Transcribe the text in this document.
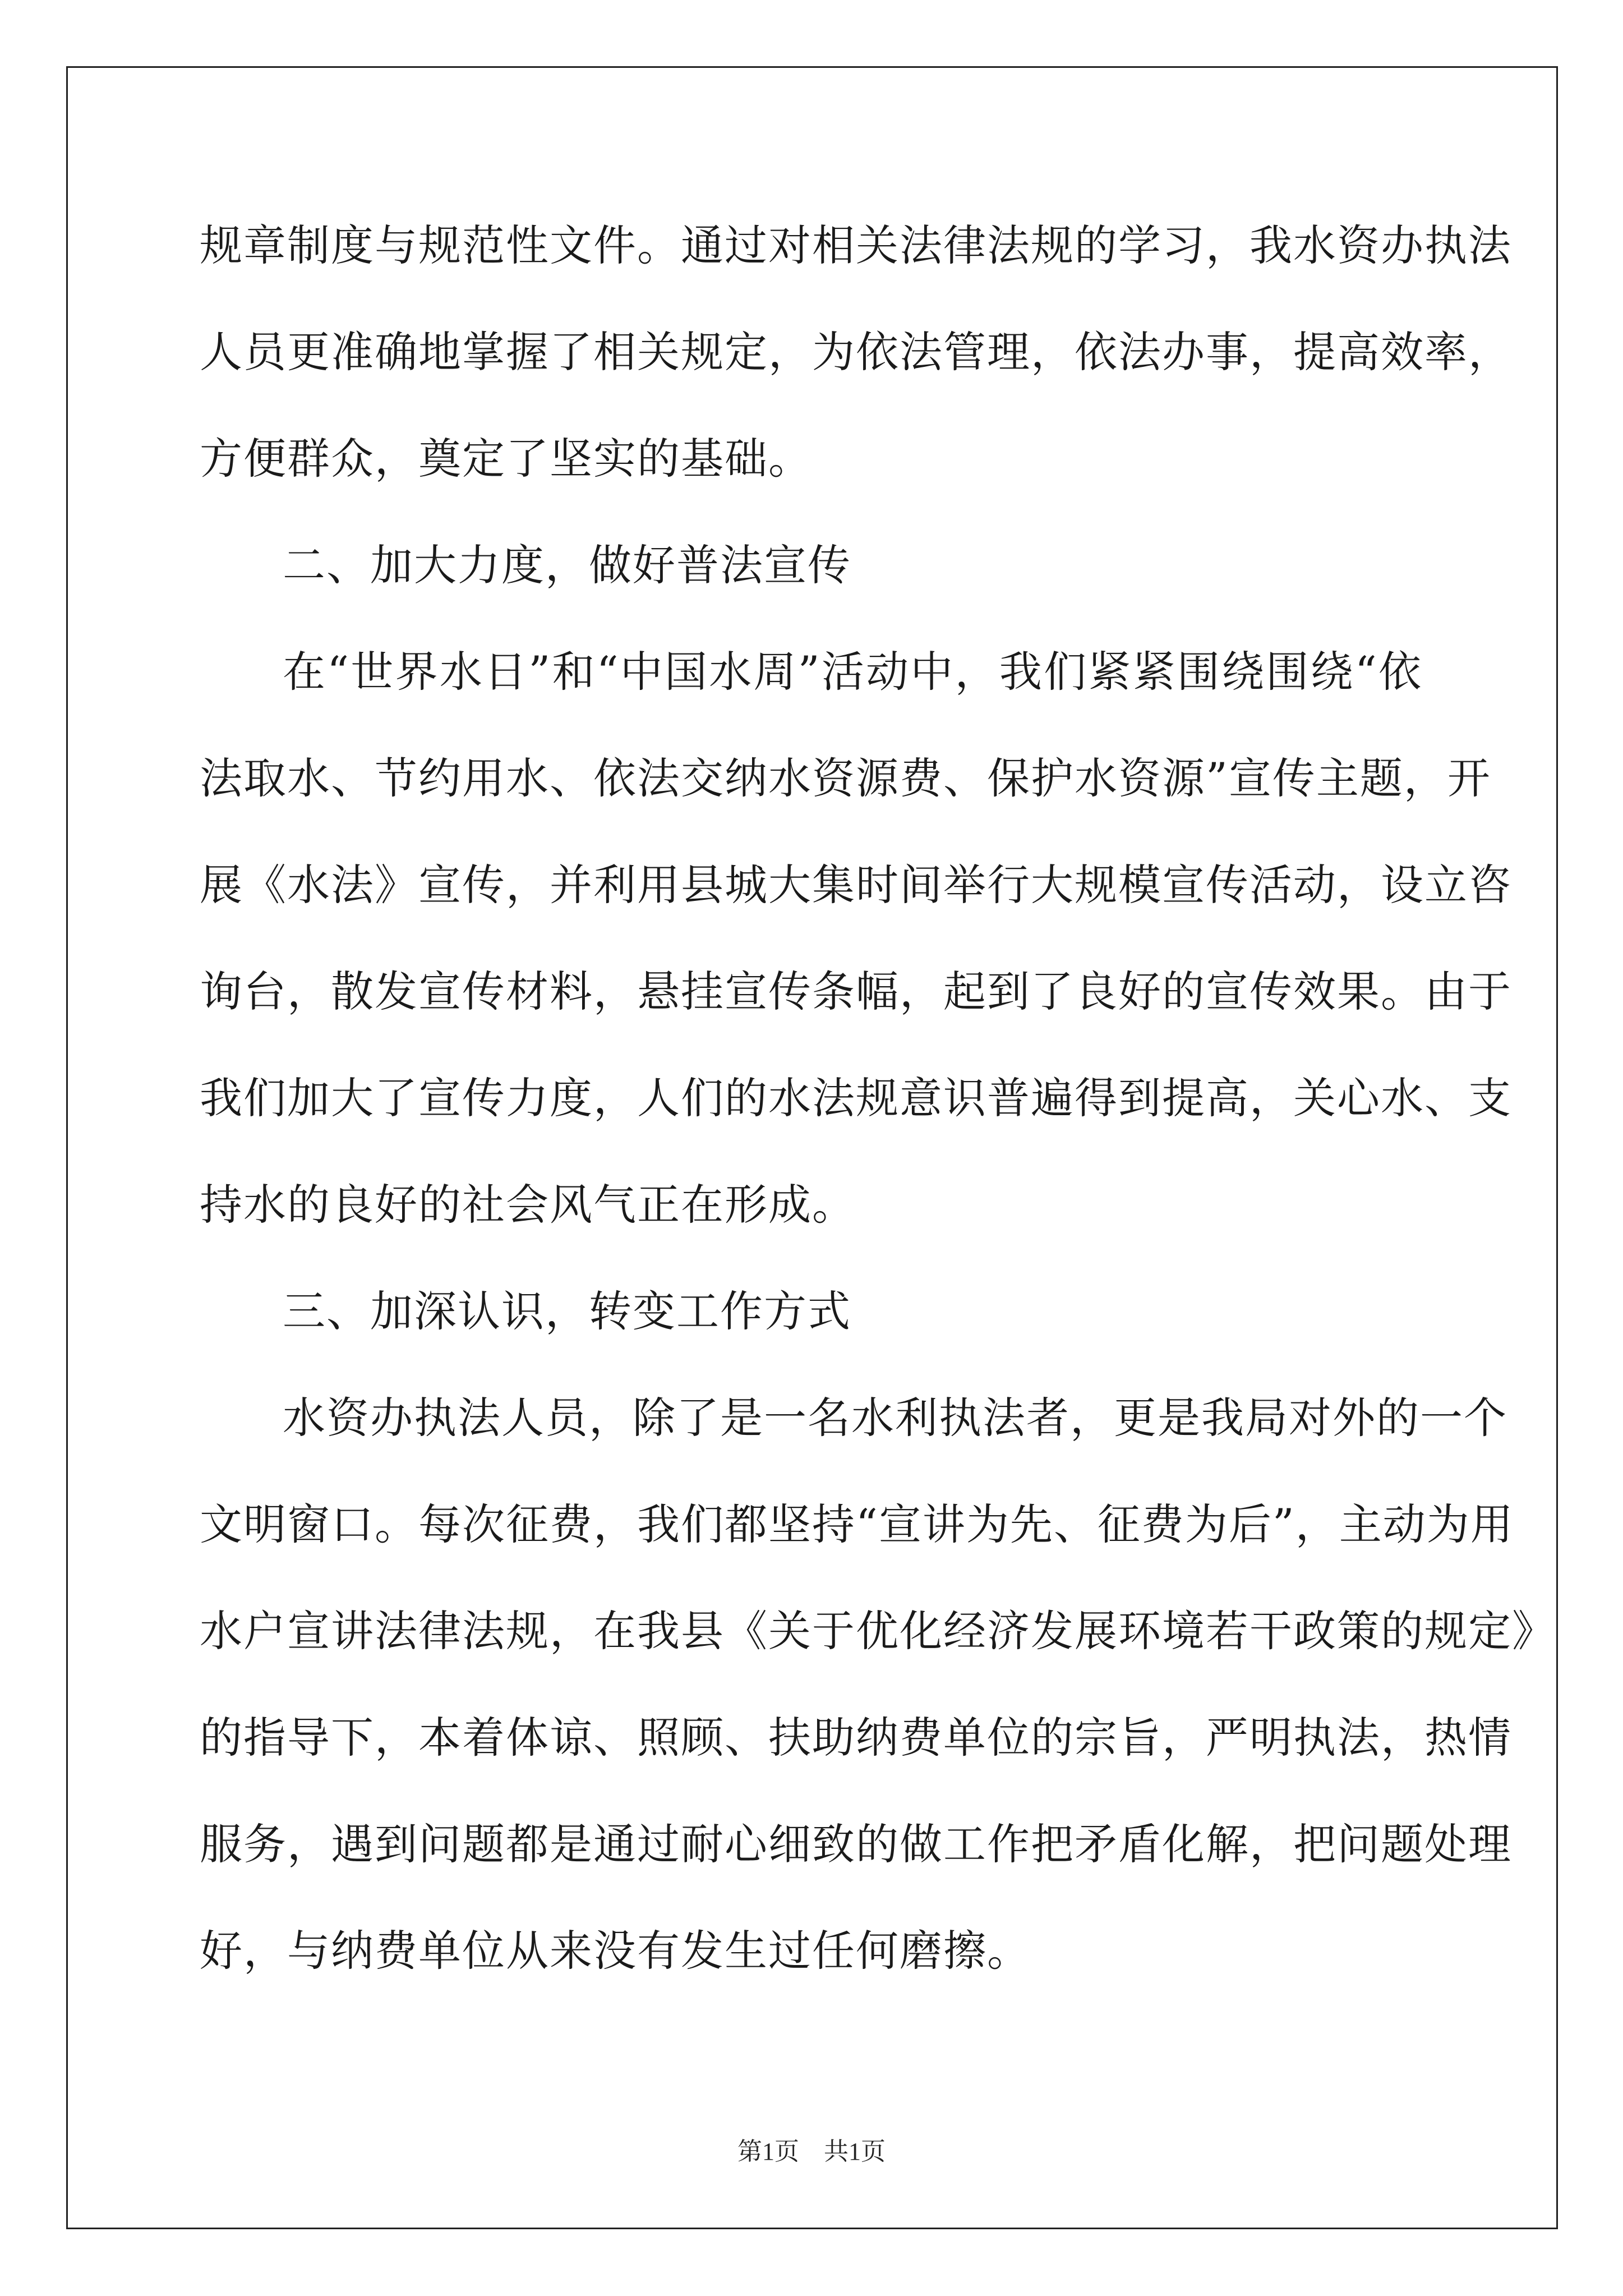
规章制度与规范性文件。通过对相关法律法规的学习，我水资办执法
人员更准确地掌握了相关规定，为依法管理，依法办事，提高效率，
方便群众，奠定了坚实的基础。
二、加大力度，做好普法宣传
在“世界水日”和“中国水周”活动中，我们紧紧围绕围绕“依
法取水、节约用水、依法交纳水资源费、保护水资源”宣传主题，开
展《水法》宣传，并利用县城大集时间举行大规模宣传活动，设立咨
询台，散发宣传材料，悬挂宣传条幅，起到了良好的宣传效果。由于
我们加大了宣传力度，人们的水法规意识普遍得到提高，关心水、支
持水的良好的社会风气正在形成。
三、加深认识，转变工作方式
水资办执法人员，除了是一名水利执法者，更是我局对外的一个
文明窗口。每次征费，我们都坚持“宣讲为先、征费为后”，主动为用
水户宣讲法律法规，在我县《关于优化经济发展环境若干政策的规定》
的指导下，本着体谅、照顾、扶助纳费单位的宗旨，严明执法，热情
服务，遇到问题都是通过耐心细致的做工作把矛盾化解，把问题处理
好，与纳费单位从来没有发生过任何磨擦。
第1页　共1页
